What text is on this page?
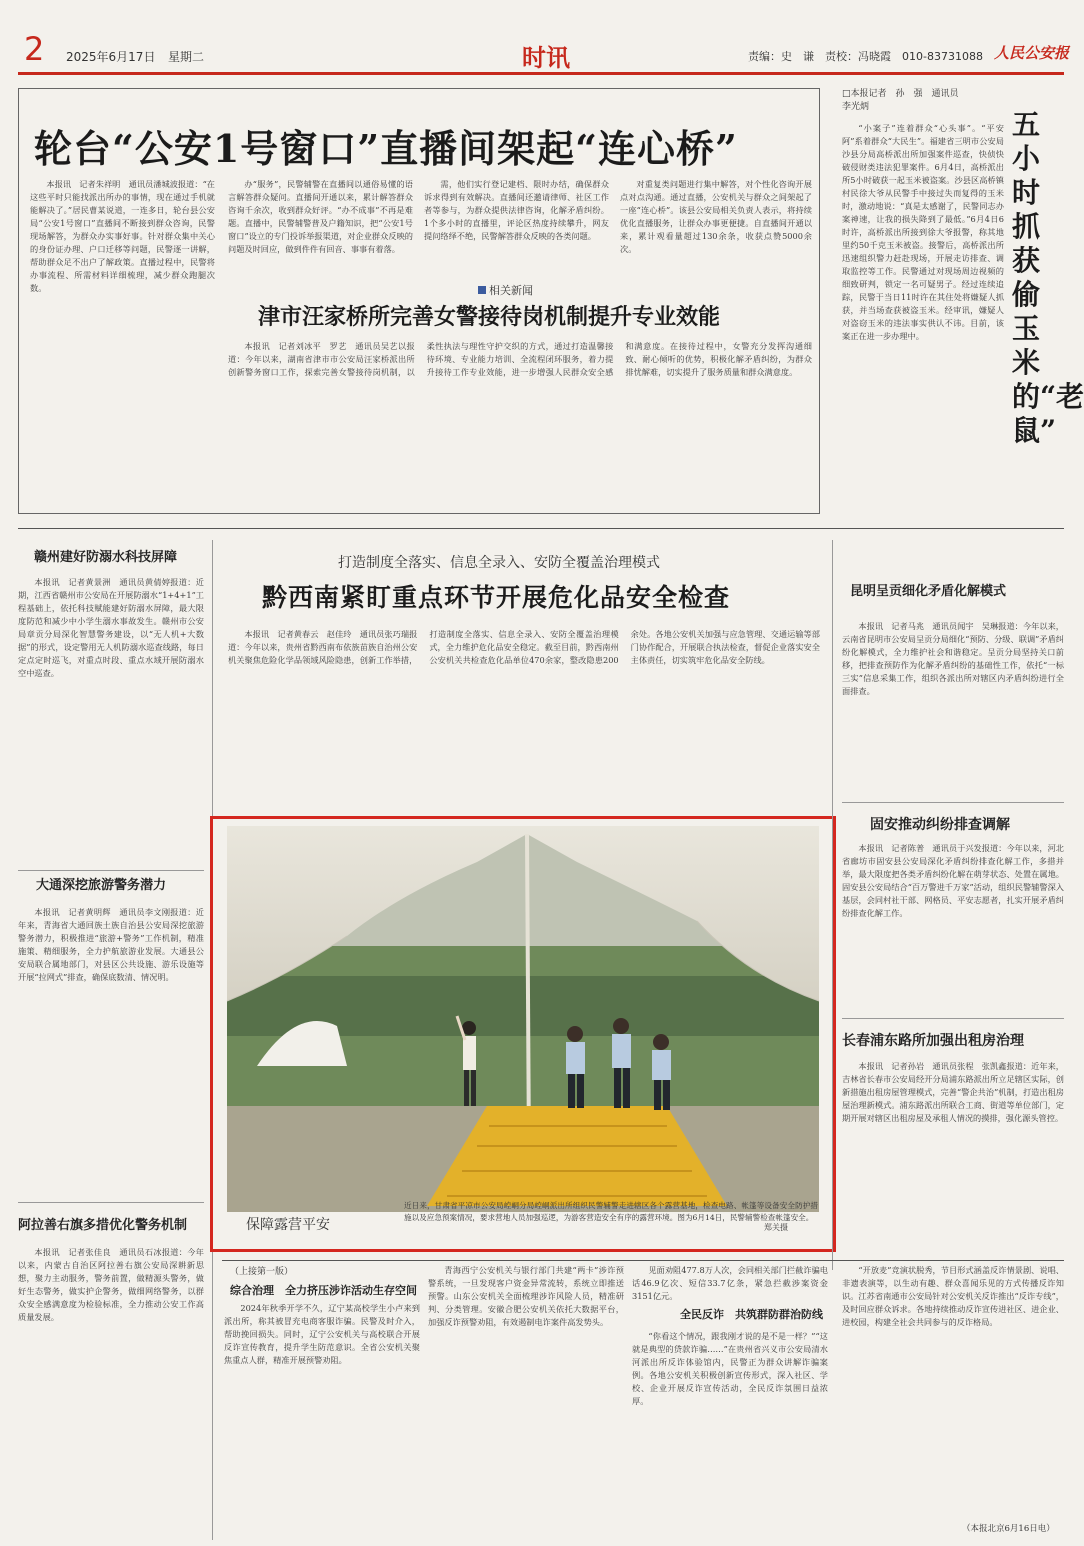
2 2025年6月17日 星期二	时讯	责编：史　谦　责校：冯晓霞　010-83731088 人民公安报
轮台“公安1号窗口”直播间架起“连心桥”

本报讯　记者朱祥明　通讯员潘城波报道：“在这些平时只能找派出所办的事情，现在通过手机就能解决了。”居民曹某说道，一连多日，轮台县公安局“公安1号窗口”直播间不断接到群众咨询，民警现场解答，为群众办实事好事。针对群众集中关心的身份证办理、户口迁移等问题，民警逐一讲解，帮助群众足不出户了解政策。直播过程中，民警将办事流程、所需材料详细梳理，减少群众跑腿次数。

办“服务”，民警辅警在直播间以通俗易懂的语言解答群众疑问。直播间开通以来，累计解答群众咨询千余次，收到群众好评。“办不成事”不再是难题。直播中，民警辅警普及户籍知识，把“公安1号窗口”设立的专门投诉举报渠道，对企业群众反映的问题及时回应，做到件件有回音、事事有着落。

需，他们实行登记建档、限时办结，确保群众诉求得到有效解决。直播间还邀请律师、社区工作者等参与，为群众提供法律咨询，化解矛盾纠纷。1个多小时的直播里，评论区热度持续攀升，网友提问络绎不绝，民警解答群众反映的各类问题。

对重复类问题进行集中解答，对个性化咨询开展点对点沟通。通过直播，公安机关与群众之间架起了一座“连心桥”。该县公安局相关负责人表示，将持续优化直播服务，让群众办事更便捷。自直播间开通以来，累计观看量超过130余条，收获点赞5000余次。

相关新闻
津市汪家桥所完善女警接待岗机制提升专业效能

本报讯　记者刘冰平　罗艺　通讯员吴艺以报道：今年以来，湖南省津市市公安局汪家桥派出所创新警务窗口工作，探索完善女警接待岗机制，以柔性执法与理性守护交织的方式，通过打造温馨接待环境、专业能力培训、全流程闭环服务，着力提升接待工作专业效能，进一步增强人民群众安全感和满意度。在接待过程中，女警充分发挥沟通细致、耐心倾听的优势，积极化解矛盾纠纷，为群众排忧解难，切实提升了服务质量和群众满意度。

□本报记者　孙　强　通讯员　李光炳
五小时抓获偷玉米的“老鼠”

“小案子”连着群众“心头事”。“平安阿”系着群众“大民生”。福建省三明市公安局沙县分局高桥派出所加强案件巡查，快侦快破侵财类违法犯罪案件。6月4日，高桥派出所5小时破获一起玉米被盗案。沙县区高桥镇村民徐大爷从民警手中接过失而复得的玉米时，激动地说：“真是太感谢了，民警同志办案神速，让我的损失降到了最低。”6月4日6时许，高桥派出所接到徐大爷报警，称其地里约50千克玉米被盗。接警后，高桥派出所迅速组织警力赶赴现场，开展走访排查、调取监控等工作。民警通过对现场周边视频的细致研判，锁定一名可疑男子。经过连续追踪，民警于当日11时许在其住处将嫌疑人抓获，并当场查获被盗玉米。经审讯，嫌疑人对盗窃玉米的违法事实供认不讳。目前，该案正在进一步办理中。

赣州建好防溺水科技屏障

本报讯　记者黄景洲　通讯员黄倩婷报道：近期，江西省赣州市公安局在开展防溺水“1+4+1”工程基础上，依托科技赋能建好防溺水屏障，最大限度防范和减少中小学生溺水事故发生。赣州市公安局章贡分局深化智慧警务建设，以“无人机+大数据”的形式，设定警用无人机防溺水巡查线路，每日定点定时巡飞，对重点时段、重点水域开展防溺水空中巡查。

大通深挖旅游警务潜力

本报讯　记者黄明辉　通讯员李文刚报道：近年来，青海省大通回族土族自治县公安局深挖旅游警务潜力，积极推进“旅游+警务”工作机制，精准施策、精细服务，全力护航旅游业发展。大通县公安局联合属地部门，对县区公共设施、游乐设施等开展“拉网式”排查，确保底数清、情况明。

阿拉善右旗多措优化警务机制

本报讯　记者张佳良　通讯员石冰报道：今年以来，内蒙古自治区阿拉善右旗公安局深耕新思想，聚力主动服务，警务前置，做精源头警务，做好生态警务，做实护企警务，做细网络警务，以群众安全感满意度为检验标准，全力推动公安工作高质量发展。

打造制度全落实、信息全录入、安防全覆盖治理模式
黔西南紧盯重点环节开展危化品安全检查

本报讯　记者黄春云　赵佳玲　通讯员张巧瑞报道：今年以来，贵州省黔西南布依族苗族自治州公安机关聚焦危险化学品领域风险隐患，创新工作举措，打造制度全落实、信息全录入、安防全覆盖治理模式，全力维护危化品安全稳定。截至目前，黔西南州公安机关共检查危化品单位470余家，整改隐患200余处。各地公安机关加强与应急管理、交通运输等部门协作配合，开展联合执法检查，督促企业落实安全主体责任，切实筑牢危化品安全防线。

保障露营平安
近日来，甘肃省平凉市公安局崆峒分局崆峒派出所组织民警辅警走进辖区各个露营基地，检查电路、帐篷等设备安全防护措施以及应急预案情况，要求营地人员加强巡逻，为游客营造安全有序的露营环境。图为6月14日，民警辅警检查帐篷安全。
郑关摄
昆明呈贡细化矛盾化解模式

本报讯　记者马兆　通讯员闻宇　吴琳报道：今年以来，云南省昆明市公安局呈贡分局细化“预防、分级、联调”矛盾纠纷化解模式，全力维护社会和谐稳定。呈贡分局坚持关口前移，把排查预防作为化解矛盾纠纷的基础性工作，依托“一标三实”信息采集工作，组织各派出所对辖区内矛盾纠纷进行全面排查。

固安推动纠纷排查调解

本报讯　记者陈普　通讯员于兴发报道：今年以来，河北省廊坊市固安县公安局深化矛盾纠纷排查化解工作，多措并举，最大限度把各类矛盾纠纷化解在萌芽状态、处置在属地。固安县公安局结合“百万警进千万家”活动，组织民警辅警深入基层，会同村社干部、网格员、平安志愿者，扎实开展矛盾纠纷排查化解工作。

长春浦东路所加强出租房治理

本报讯　记者孙岩　通讯员张程　张凯鑫报道：近年来，吉林省长春市公安局经开分局浦东路派出所立足辖区实际，创新措施出租房屋管理模式，完善“警企共治”机制，打造出租房屋治理新模式。浦东路派出所联合工商、街道等单位部门，定期开展对辖区出租房屋及承租人情况的摸排，强化源头管控。

（上接第一版）
综合治理　全力挤压涉诈活动生存空间

2024年秋季开学不久，辽宁某高校学生小卢来到派出所，称其被冒充电商客服诈骗。民警及时介入，帮助挽回损失。同时，辽宁公安机关与高校联合开展反诈宣传教育，提升学生防范意识。全省公安机关聚焦重点人群，精准开展预警劝阻。

青海西宁公安机关与银行部门共建“两卡”涉诈预警系统，一旦发现客户资金异常流转，系统立即推送预警。山东公安机关全面梳理涉诈风险人员，精准研判、分类管理。安徽合肥公安机关依托大数据平台，加强反诈预警劝阻，有效遏制电诈案件高发势头。

见面劝阻477.8万人次，会同相关部门拦截诈骗电话46.9亿次、短信33.7亿条，紧急拦截涉案资金3151亿元。

全民反诈　共筑群防群治防线

“你看这个情况，跟我刚才说的是不是一样？”“这就是典型的贷款诈骗……”在贵州省兴义市公安局清水河派出所反诈体验馆内，民警正为群众讲解诈骗案例。各地公安机关积极创新宣传形式，深入社区、学校、企业开展反诈宣传活动，全民反诈氛围日益浓厚。

“开放麦”竞演状脱秀，节目形式涵盖反诈情景剧、说唱、非遗表演等，以生动有趣、群众喜闻乐见的方式传播反诈知识。江苏省南通市公安局针对公安机关反诈推出“反诈专线”，及时回应群众诉求。各地持续推动反诈宣传进社区、进企业、进校园，构建全社会共同参与的反诈格局。

（本报北京6月16日电）
